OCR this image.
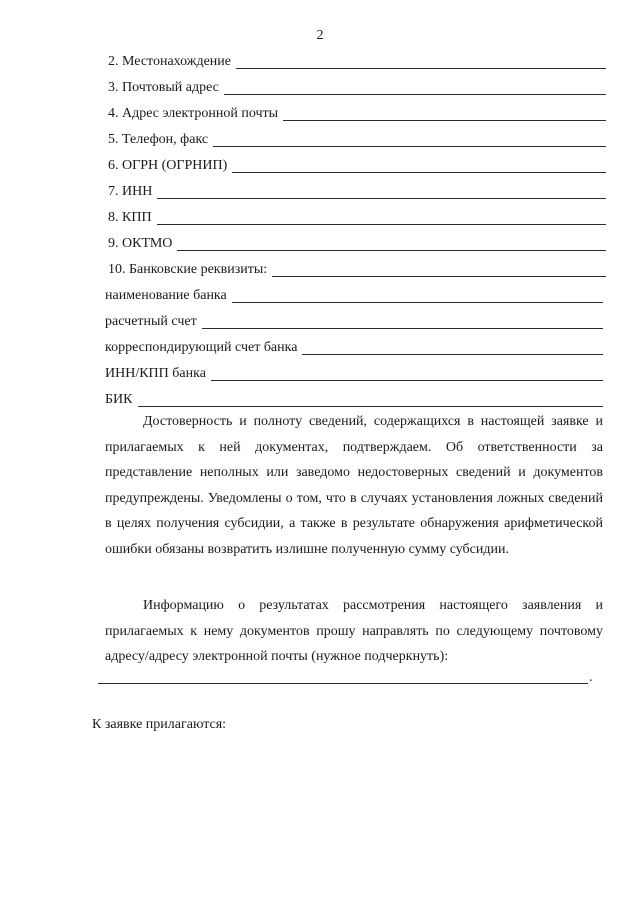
2
2. Местонахождение
3. Почтовый адрес
4. Адрес электронной почты
5. Телефон, факс
6. ОГРН (ОГРНИП)
7. ИНН
8. КПП
9. ОКТМО
10. Банковские реквизиты:
наименование банка
расчетный счет
корреспондирующий счет банка
ИНН/КПП банка
БИК

Достоверность и полноту сведений, содержащихся в настоящей заявке и прилагаемых к ней документах, подтверждаем. Об ответственности за представление неполных или заведомо недостоверных сведений и документов предупреждены. Уведомлены о том, что в случаях установления ложных сведений в целях получения субсидии, а также в результате обнаружения арифметической ошибки обязаны возвратить излишне полученную сумму субсидии.

Информацию о результатах рассмотрения настоящего заявления и прилагаемых к нему документов прошу направлять по следующему почтовому адресу/адресу электронной почты (нужное подчеркнуть):

.
К заявке прилагаются:
